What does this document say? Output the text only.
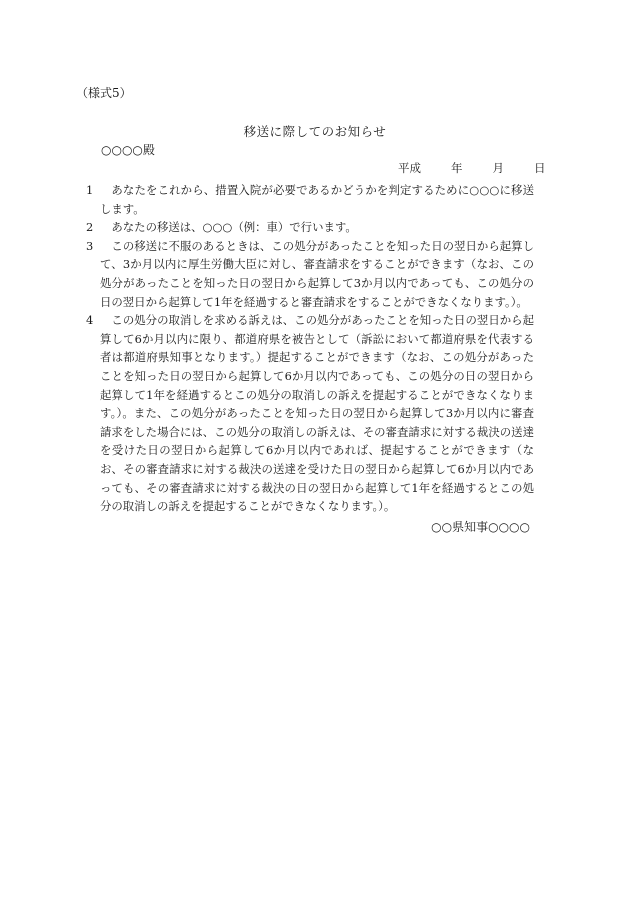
（様式5）
移送に際してのお知らせ
○○○○殿
平成	年	月	日
1	あなたをこれから、措置入院が必要であるかどうかを判定するために○○○に移送します。
2	あなたの移送は、○○○（例：車）で行います。
3	この移送に不服のあるときは、この処分があったことを知った日の翌日から起算して、3か月以内に厚生労働大臣に対し、審査請求をすることができます（なお、この処分があったことを知った日の翌日から起算して3か月以内であっても、この処分の日の翌日から起算して1年を経過すると審査請求をすることができなくなります。）。
4	この処分の取消しを求める訴えは、この処分があったことを知った日の翌日から起算して6か月以内に限り、都道府県を被告として（訴訟において都道府県を代表する者は都道府県知事となります。）提起することができます（なお、この処分があったことを知った日の翌日から起算して6か月以内であっても、この処分の日の翌日から起算して1年を経過するとこの処分の取消しの訴えを提起することができなくなります。）。また、この処分があったことを知った日の翌日から起算して3か月以内に審査請求をした場合には、この処分の取消しの訴えは、その審査請求に対する裁決の送達を受けた日の翌日から起算して6か月以内であれば、提起することができます（なお、その審査請求に対する裁決の送達を受けた日の翌日から起算して6か月以内であっても、その審査請求に対する裁決の日の翌日から起算して1年を経過するとこの処分の取消しの訴えを提起することができなくなります。）。
○○県知事○○○○
